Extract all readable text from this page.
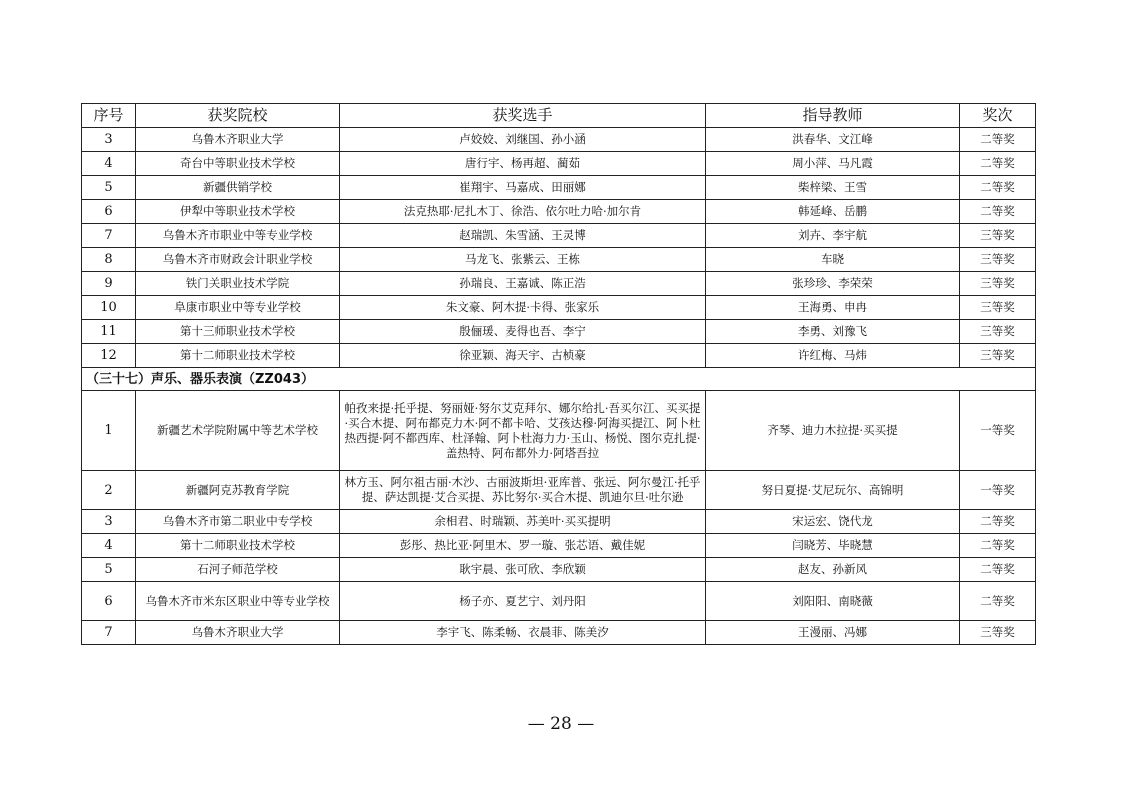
序号	获奖院校	获奖选手	指导教师	奖次
3	乌鲁木齐职业大学	卢姣姣、刘继国、孙小涵	洪春华、文江峰	二等奖
4	奇台中等职业技术学校	唐行宇、杨再超、蔺茹	周小萍、马凡霞	二等奖
5	新疆供销学校	崔翔宇、马嘉成、田丽娜	柴梓梁、王雪	二等奖
6	伊犁中等职业技术学校	法克热耶·尼扎木丁、徐浩、依尔吐力哈·加尔肯	韩延峰、岳鹏	二等奖
7	乌鲁木齐市职业中等专业学校	赵瑞凯、朱雪涵、王灵博	刘卉、李宇航	三等奖
8	乌鲁木齐市财政会计职业学校	马龙飞、张紫云、王栋	车晓	三等奖
9	铁门关职业技术学院	孙瑞良、王嘉诚、陈正浩	张珍珍、李荣荣	三等奖
10	阜康市职业中等专业学校	朱文豪、阿木提·卡得、张家乐	王海勇、申冉	三等奖
11	第十三师职业技术学校	殷俪瑗、麦得也吾、李宁	李勇、刘豫飞	三等奖
12	第十二师职业技术学校	徐亚颖、海天宇、古桢豪	许红梅、马炜	三等奖
（三十七）声乐、器乐表演（ZZ043）				
1	新疆艺术学院附属中等艺术学校	帕孜来提·托乎提、努丽娅·努尔艾克拜尔、娜尔给扎·吾买尔江、买买提·买合木提、阿布都克力木·阿不都卡哈、艾孩达穆·阿海买提江、阿卜杜热西提·阿不都西库、杜泽翰、阿卜杜海力力·玉山、杨悦、图尔克扎提·盖热特、阿布都外力·阿塔吾拉	齐琴、迪力木拉提·买买提	一等奖
2	新疆阿克苏教育学院	林方玉、阿尔祖古丽·木沙、古丽波斯坦·亚库普、张远、阿尔曼江·托乎提、萨达凯提·艾合买提、苏比努尔·买合木提、凯迪尔旦·吐尔逊	努日夏提·艾尼玩尔、高锦明	一等奖
3	乌鲁木齐市第二职业中专学校	余相君、时瑞颖、苏美叶·买买提明	宋运宏、饶代龙	二等奖
4	第十二师职业技术学校	彭彤、热比亚·阿里木、罗一璇、张芯语、戴佳妮	闫晓芳、毕晓慧	二等奖
5	石河子师范学校	耿宇晨、张可欣、李欣颖	赵友、孙新风	二等奖
6	乌鲁木齐市米东区职业中等专业学校	杨子亦、夏艺宁、刘丹阳	刘阳阳、南晓薇	二等奖
7	乌鲁木齐职业大学	李宇飞、陈柔畅、衣晨菲、陈美汐	王漫丽、冯娜	三等奖
— 28 —
